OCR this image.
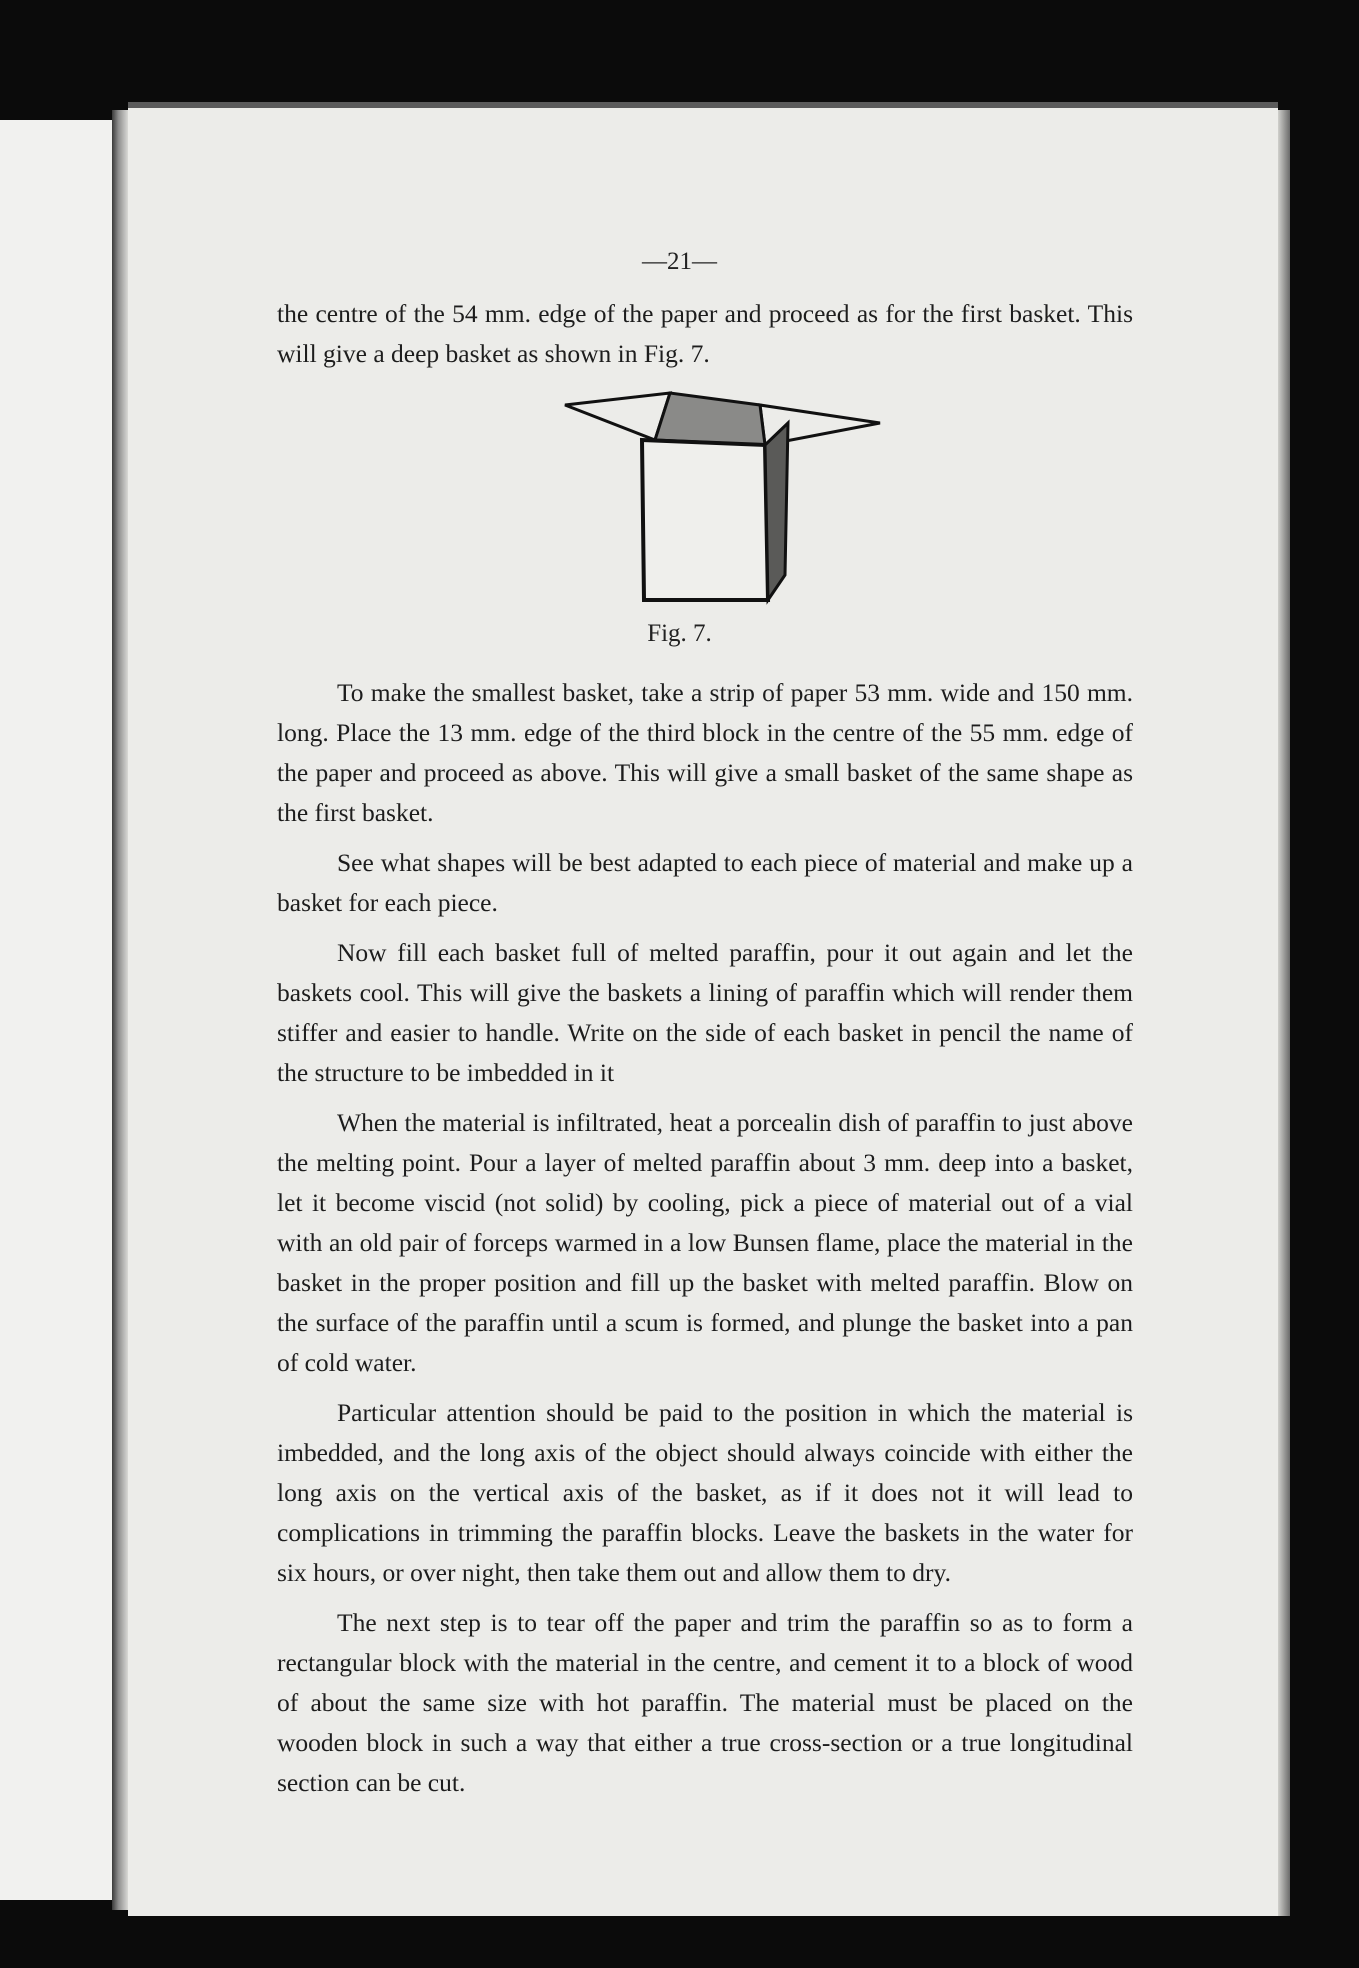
—21—

the centre of the 54 mm. edge of the paper and proceed as for the first basket. This will give a deep basket as shown in Fig. 7.

Fig. 7.

To make the smallest basket, take a strip of paper 53 mm. wide and 150 mm. long. Place the 13 mm. edge of the third block in the centre of the 55 mm. edge of the paper and proceed as above. This will give a small basket of the same shape as the first basket.

See what shapes will be best adapted to each piece of material and make up a basket for each piece.

Now fill each basket full of melted paraffin, pour it out again and let the baskets cool. This will give the baskets a lining of paraffin which will render them stiffer and easier to handle. Write on the side of each basket in pencil the name of the structure to be imbedded in it

When the material is infiltrated, heat a porcealin dish of paraffin to just above the melting point. Pour a layer of melted paraffin about 3 mm. deep into a basket, let it become viscid (not solid) by cooling, pick a piece of material out of a vial with an old pair of forceps warmed in a low Bunsen flame, place the material in the basket in the proper position and fill up the basket with melted paraffin. Blow on the surface of the paraffin until a scum is formed, and plunge the basket into a pan of cold water.

Particular attention should be paid to the position in which the material is imbedded, and the long axis of the object should always coincide with either the long axis on the vertical axis of the basket, as if it does not it will lead to complications in trimming the paraffin blocks. Leave the baskets in the water for six hours, or over night, then take them out and allow them to dry.

The next step is to tear off the paper and trim the paraffin so as to form a rectangular block with the material in the centre, and cement it to a block of wood of about the same size with hot paraffin. The material must be placed on the wooden block in such a way that either a true cross-section or a true longitudinal section can be cut.
